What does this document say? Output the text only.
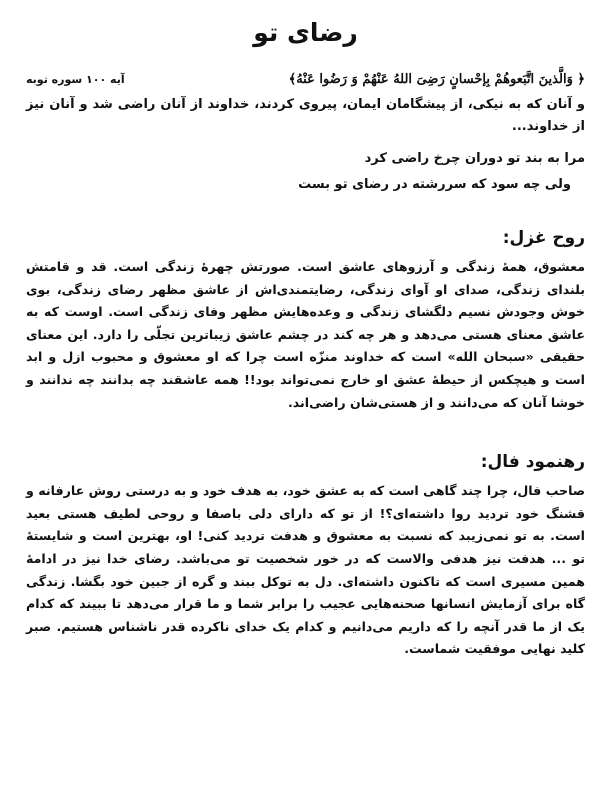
رضای تو
﴿ وَالَّذینَ اتَّبَعوهُمْ بِإحْسانٍ رَضِیَ اللهُ عَنْهُمْ وَ رَضُوا عَنْهُ﴾
آیه ۱۰۰ سوره توبه

و آنان که به نیکی، از پیشگامان ایمان، پیروی کردند، خداوند از آنان راضی شد و آنان نیز از خداوند...

مرا به بند تو دوران چرخ راضی کرد
ولی چه سود که سررشته در رضای تو بست
روح غزل:

معشوق، همهٔ زندگی و آرزوهای عاشق است. صورتش چهرهٔ زندگی است. قد و قامتش بلندای زندگی، صدای او آوای زندگی، رضایتمندی‌اش از عاشق مظهر رضای زندگی، بوی خوش وجودش نسیم دلگشای زندگی و وعده‌هایش مظهر وفای زندگی است. اوست که به عاشق معنای هستی می‌دهد و هر چه کند در چشم عاشق زیباترین تجلّی را دارد. این معنای حقیقی «سبحان الله» است که خداوند منزّه است چرا که او معشوق و محبوب ازل و ابد است و هیچکس از حیطهٔ عشق او خارج نمی‌تواند بود!! همه عاشقند چه بدانند چه ندانند و خوشا آنان که می‌دانند و از هستی‌شان راضی‌اند.

رهنمود فال:

صاحب فال، چرا چند گاهی است که به عشق خود، به هدف خود و به درستی روش عارفانه و قشنگ خود تردید روا داشته‌ای؟! از تو که دارای دلی باصفا و روحی لطیف هستی بعید است. به تو نمی‌زیبد که نسبت به معشوق و هدفت تردید کنی! او، بهترین است و شایستهٔ تو ... هدفت نیز هدفی والاست که در خور شخصیت تو می‌باشد. رضای خدا نیز در ادامهٔ همین مسیری است که تاکنون داشته‌ای. دل به توکل ببند و گره از جبین خود بگشا. زندگی گاه برای آزمایش انسانها صحنه‌هایی عجیب را برابر شما و ما قرار می‌دهد تا ببیند که کدام یک از ما قدر آنچه را که داریم می‌دانیم و کدام یک خدای ناکرده قدر ناشناس هستیم. صبر کلید نهایی موفقیت شماست.
